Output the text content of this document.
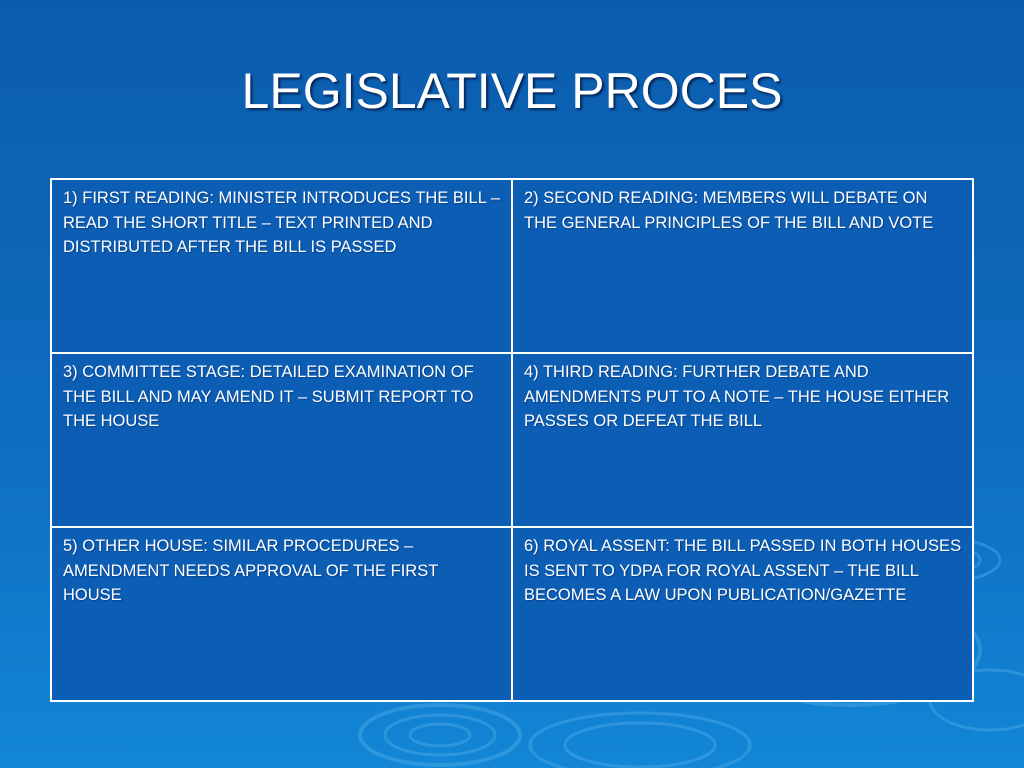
LEGISLATIVE PROCES
1) FIRST READING: MINISTER INTRODUCES THE BILL – READ THE SHORT TITLE – TEXT PRINTED AND DISTRIBUTED AFTER THE BILL IS PASSED	2) SECOND READING: MEMBERS WILL DEBATE ON THE GENERAL PRINCIPLES OF THE BILL AND VOTE
3) COMMITTEE STAGE: DETAILED EXAMINATION OF THE BILL AND MAY AMEND IT – SUBMIT REPORT TO THE HOUSE	4) THIRD READING: FURTHER DEBATE AND AMENDMENTS PUT TO A NOTE – THE HOUSE EITHER PASSES OR DEFEAT THE BILL
5) OTHER HOUSE: SIMILAR PROCEDURES – AMENDMENT NEEDS APPROVAL OF THE FIRST HOUSE	6) ROYAL ASSENT: THE BILL PASSED IN BOTH HOUSES IS SENT TO YDPA FOR ROYAL ASSENT – THE BILL BECOMES A LAW UPON PUBLICATION/GAZETTE
